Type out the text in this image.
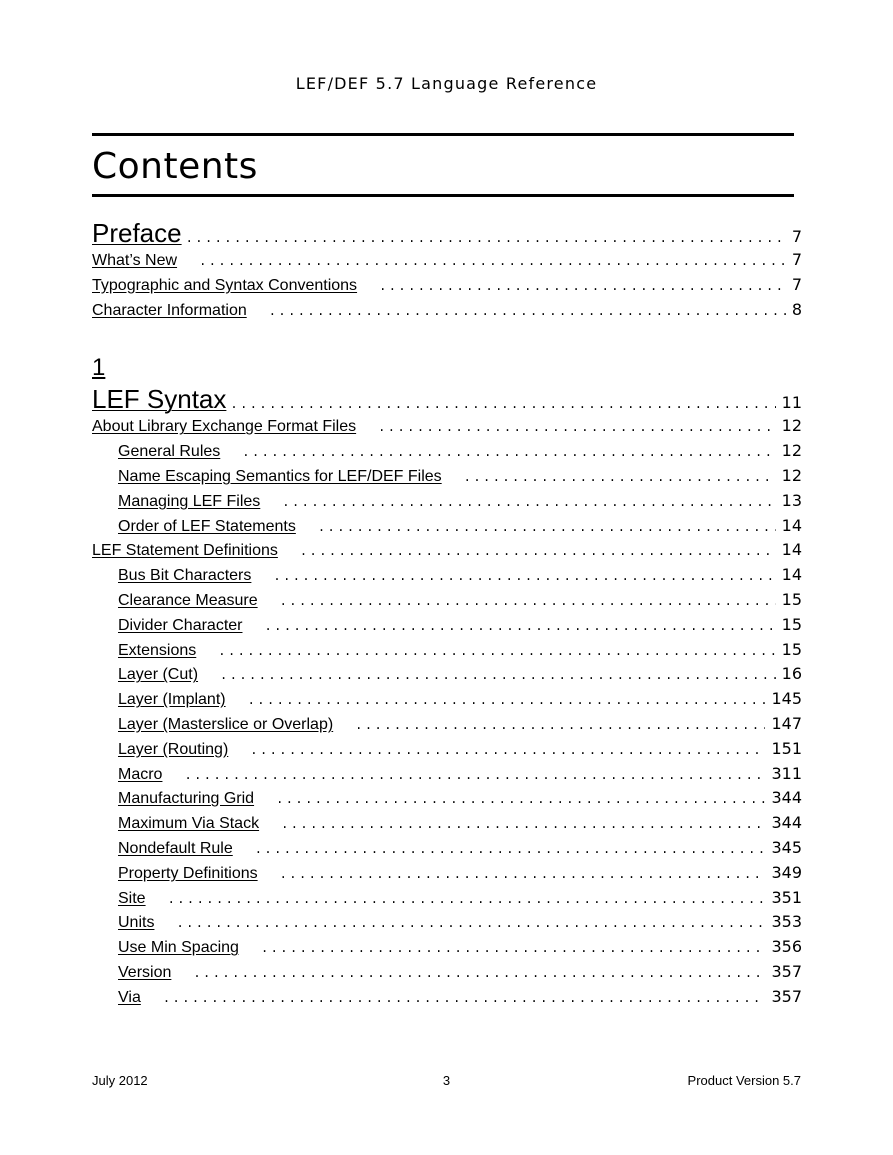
LEF/DEF 5.7 Language Reference
Contents
Preface .....	7
What’s New .....	7
Typographic and Syntax Conventions .....	7
Character Information .....	8
1
LEF Syntax .....	11
About Library Exchange Format Files .....	12
General Rules .....	12
Name Escaping Semantics for LEF/DEF Files .....	12
Managing LEF Files .....	13
Order of LEF Statements .....	14
LEF Statement Definitions .....	14
Bus Bit Characters .....	14
Clearance Measure .....	15
Divider Character .....	15
Extensions .....	15
Layer (Cut) .....	16
Layer (Implant) .....	145
Layer (Masterslice or Overlap) .....	147
Layer (Routing) .....	151
Macro .....	311
Manufacturing Grid .....	344
Maximum Via Stack .....	344
Nondefault Rule .....	345
Property Definitions .....	349
Site .....	351
Units .....	353
Use Min Spacing .....	356
Version .....	357
Via .....	357
July 2012	3	Product Version 5.7
